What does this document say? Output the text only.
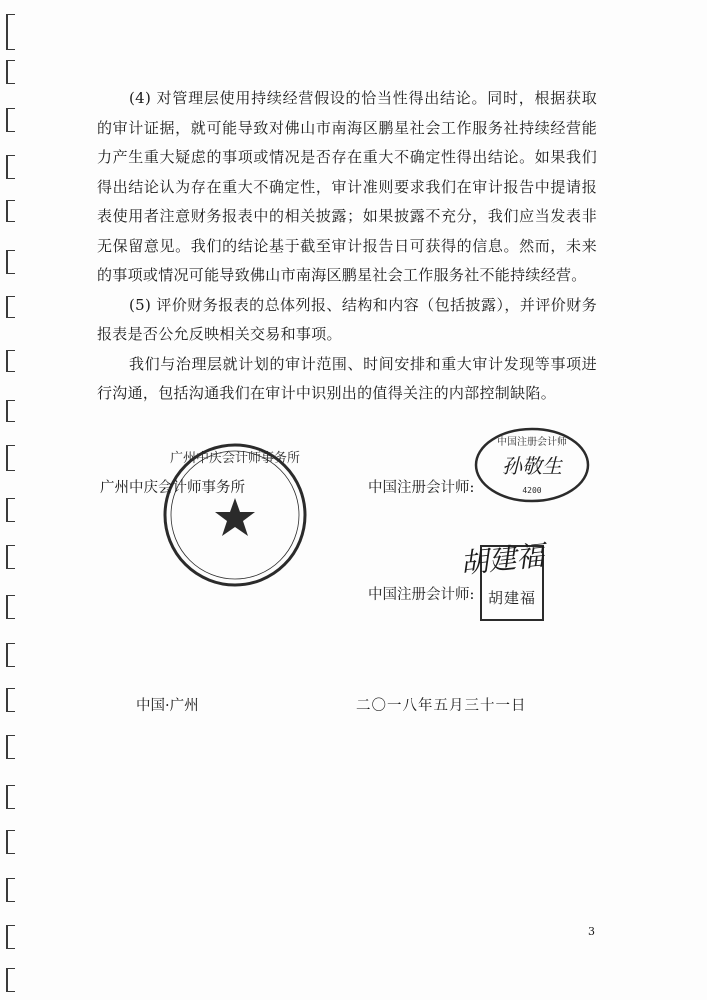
(4) 对管理层使用持续经营假设的恰当性得出结论。同时，根据获取的审计证据，就可能导致对佛山市南海区鹏星社会工作服务社持续经营能力产生重大疑虑的事项或情况是否存在重大不确定性得出结论。如果我们得出结论认为存在重大不确定性，审计准则要求我们在审计报告中提请报表使用者注意财务报表中的相关披露；如果披露不充分，我们应当发表非无保留意见。我们的结论基于截至审计报告日可获得的信息。然而，未来的事项或情况可能导致佛山市南海区鹏星社会工作服务社不能持续经营。

(5) 评价财务报表的总体列报、结构和内容（包括披露），并评价财务报表是否公允反映相关交易和事项。

我们与治理层就计划的审计范围、时间安排和重大审计发现等事项进行沟通，包括沟通我们在审计中识别出的值得关注的内部控制缺陷。

广州中庆会计师事务所
广州中庆会计师事务所	中国注册会计师:
中国注册会计师
孙敬生
4200
中国注册会计师: 胡建福
胡建福
中国·广州	二〇一八年五月三十一日
3
